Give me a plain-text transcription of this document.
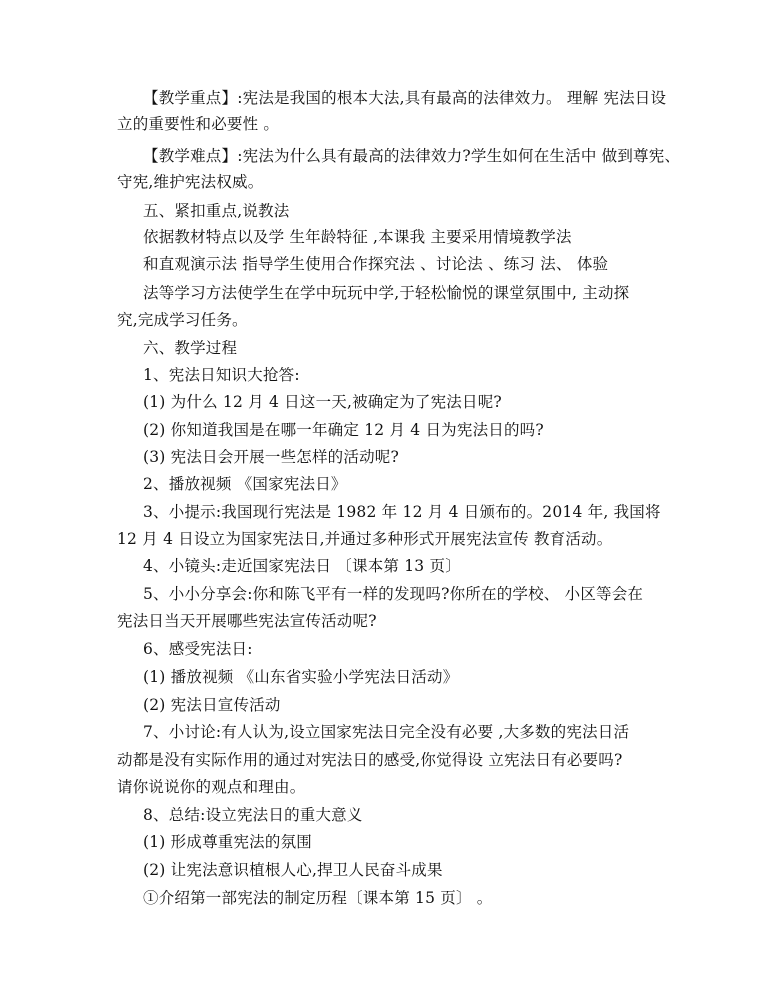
【教学重点】:宪法是我国的根本大法,具有最高的法律效力。 理解 宪法日设
立的重要性和必要性 。
【教学难点】:宪法为什么具有最高的法律效力?学生如何在生活中 做到尊宪、
守宪,维护宪法权威。
五、紧扣重点,说教法
依据教材特点以及学 生年龄特征 ,本课我 主要采用情境教学法
和直观演示法 指导学生使用合作探究法 、讨论法 、练习 法、 体验
法等学习方法使学生在学中玩玩中学,于轻松愉悦的课堂氛围中, 主动探
究,完成学习任务。
六、教学过程
1、宪法日知识大抢答:
(1) 为什么 12 月 4 日这一天,被确定为了宪法日呢?
(2) 你知道我国是在哪一年确定 12 月 4 日为宪法日的吗?
(3) 宪法日会开展一些怎样的活动呢?
2、播放视频 《国家宪法日》
3、小提示:我国现行宪法是 1982 年 12 月 4 日颁布的。2014 年, 我国将
12 月 4 日设立为国家宪法日,并通过多种形式开展宪法宣传 教育活动。
4、小镜头:走近国家宪法日 〔课本第 13 页〕
5、小小分享会:你和陈飞平有一样的发现吗?你所在的学校、 小区等会在
宪法日当天开展哪些宪法宣传活动呢?
6、感受宪法日:
(1) 播放视频 《山东省实验小学宪法日活动》
(2) 宪法日宣传活动
7、小讨论:有人认为,设立国家宪法日完全没有必要 ,大多数的宪法日活
动都是没有实际作用的通过对宪法日的感受,你觉得设 立宪法日有必要吗?
请你说说你的观点和理由。
8、总结:设立宪法日的重大意义
(1) 形成尊重宪法的氛围
(2) 让宪法意识植根人心,捍卫人民奋斗成果
①介绍第一部宪法的制定历程〔课本第 15 页〕 。
